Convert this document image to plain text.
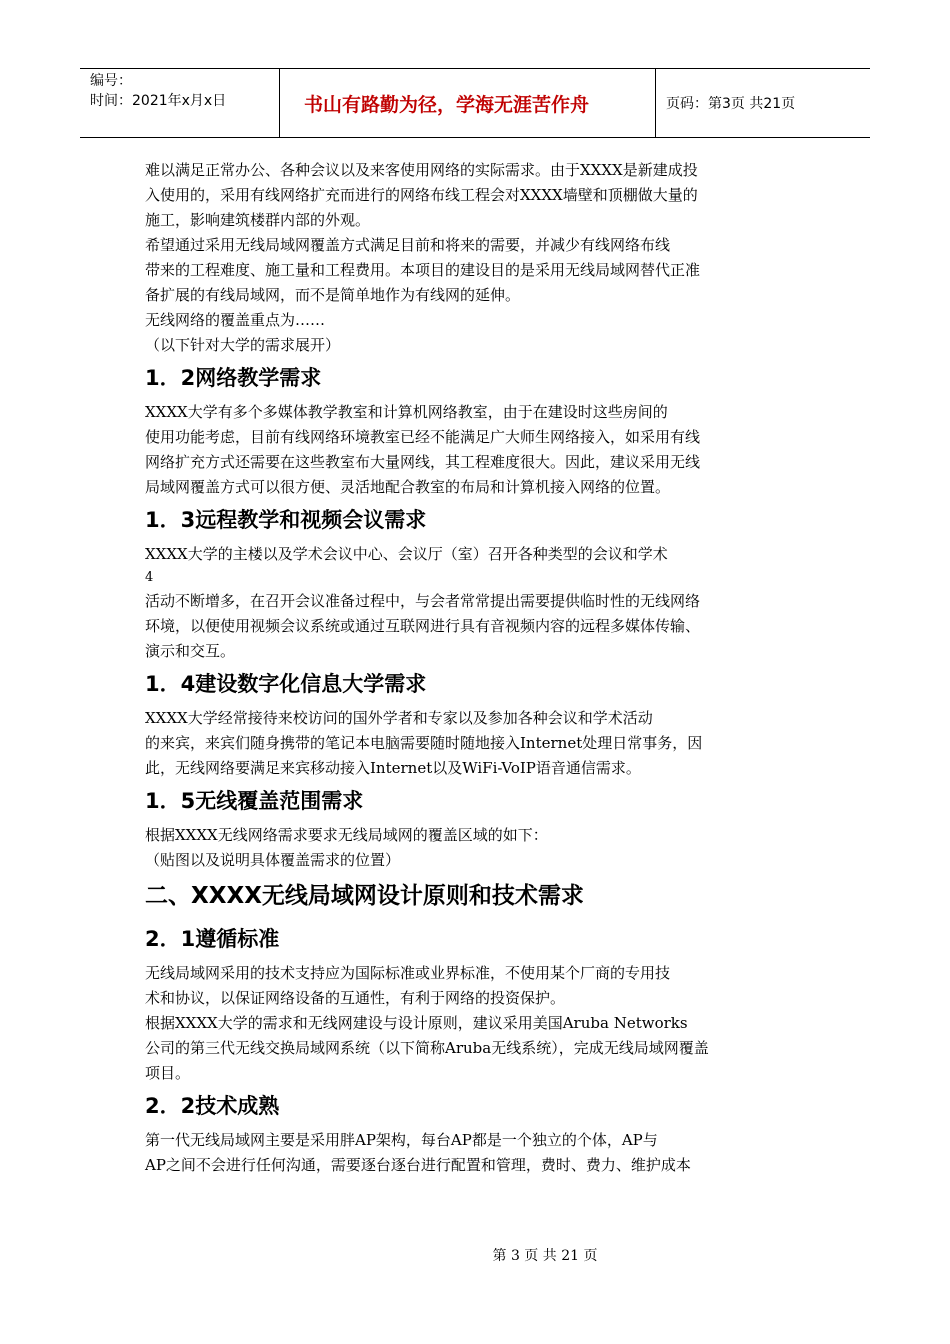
编号：
时间：2021年x月x日	书山有路勤为径，学海无涯苦作舟	页码：第3页 共21页

难以满足正常办公、各种会议以及来客使用网络的实际需求。由于XXXX是新建成投

入使用的，采用有线网络扩充而进行的网络布线工程会对XXXX墙壁和顶棚做大量的

施工，影响建筑楼群内部的外观。

希望通过采用无线局域网覆盖方式满足目前和将来的需要，并减少有线网络布线

带来的工程难度、施工量和工程费用。本项目的建设目的是采用无线局域网替代正准

备扩展的有线局域网，而不是简单地作为有线网的延伸。

无线网络的覆盖重点为……

（以下针对大学的需求展开）

1．2网络教学需求

XXXX大学有多个多媒体教学教室和计算机网络教室，由于在建设时这些房间的

使用功能考虑，目前有线网络环境教室已经不能满足广大师生网络接入，如采用有线

网络扩充方式还需要在这些教室布大量网线，其工程难度很大。因此，建议采用无线

局域网覆盖方式可以很方便、灵活地配合教室的布局和计算机接入网络的位置。

1．3远程教学和视频会议需求

XXXX大学的主楼以及学术会议中心、会议厅（室）召开各种类型的会议和学术

4

活动不断增多，在召开会议准备过程中，与会者常常提出需要提供临时性的无线网络

环境，以便使用视频会议系统或通过互联网进行具有音视频内容的远程多媒体传输、

演示和交互。

1．4建设数字化信息大学需求

XXXX大学经常接待来校访问的国外学者和专家以及参加各种会议和学术活动

的来宾，来宾们随身携带的笔记本电脑需要随时随地接入Internet处理日常事务，因

此，无线网络要满足来宾移动接入Internet以及WiFi-VoIP语音通信需求。

1．5无线覆盖范围需求

根据XXXX无线网络需求要求无线局域网的覆盖区域的如下：

（贴图以及说明具体覆盖需求的位置）

二、XXXX无线局域网设计原则和技术需求
2．1遵循标准

无线局域网采用的技术支持应为国际标准或业界标准，不使用某个厂商的专用技

术和协议，以保证网络设备的互通性，有利于网络的投资保护。

根据XXXX大学的需求和无线网建设与设计原则，建议采用美国Aruba Networks

公司的第三代无线交换局域网系统（以下简称Aruba无线系统），完成无线局域网覆盖

项目。

2．2技术成熟

第一代无线局域网主要是采用胖AP架构，每台AP都是一个独立的个体，AP与

AP之间不会进行任何沟通，需要逐台逐台进行配置和管理，费时、费力、维护成本

第 3 页 共 21 页
